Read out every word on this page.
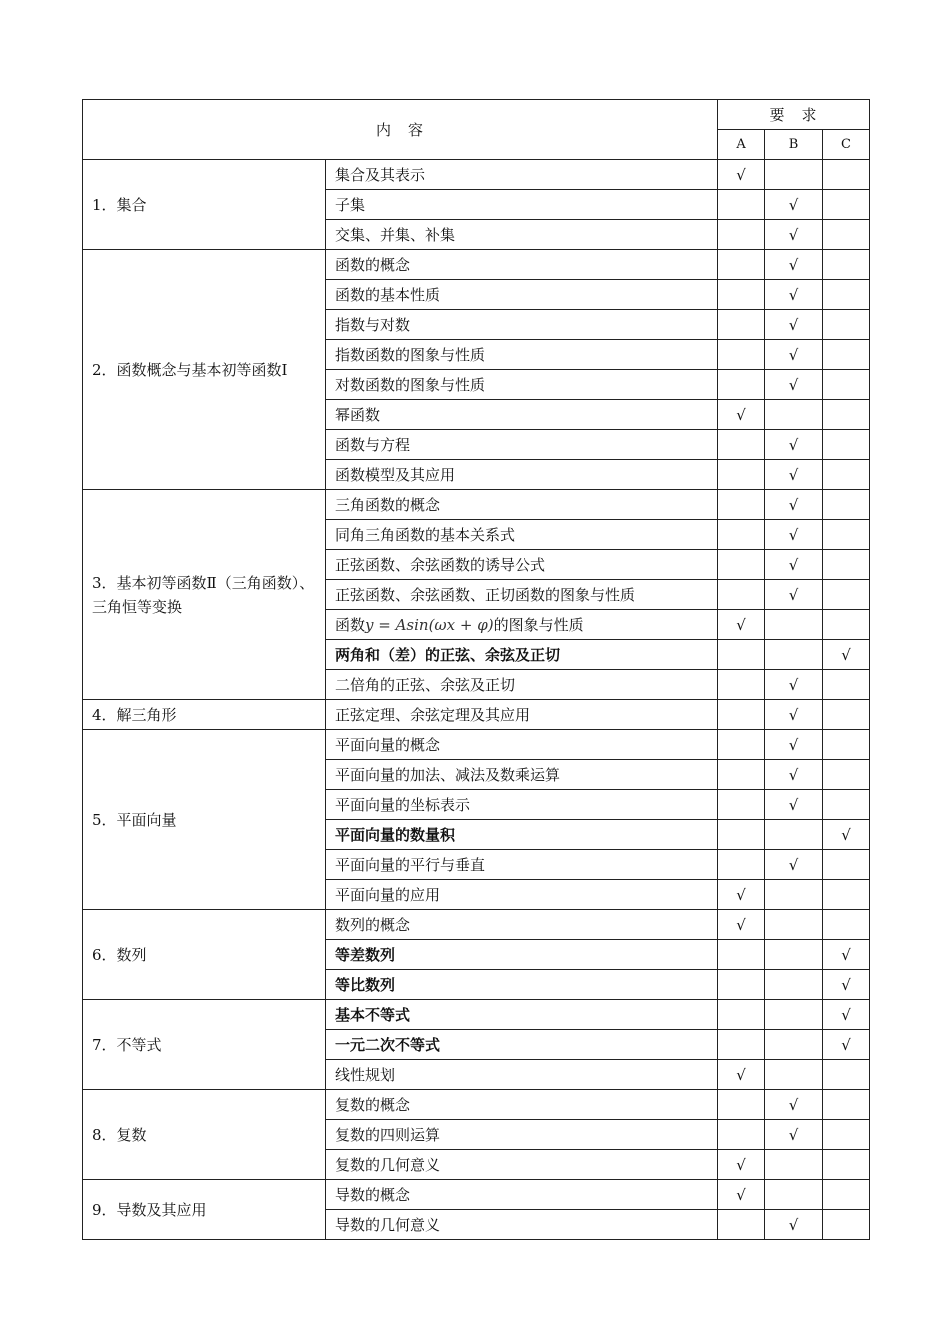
内　容		要　求		
		A	B	C
1．集合	集合及其表示	√		
	子集		√	
	交集、并集、补集		√	
2．函数概念与基本初等函数Ⅰ	函数的概念		√	
	函数的基本性质		√	
	指数与对数		√	
	指数函数的图象与性质		√	
	对数函数的图象与性质		√	
	幂函数	√		
	函数与方程		√	
	函数模型及其应用		√	
3．基本初等函数Ⅱ（三角函数）、三角恒等变换	三角函数的概念		√	
	同角三角函数的基本关系式		√	
	正弦函数、余弦函数的诱导公式		√	
	正弦函数、余弦函数、正切函数的图象与性质		√	
	函数y = Asin(ωx + φ)的图象与性质	√		
	两角和（差）的正弦、余弦及正切			√
	二倍角的正弦、余弦及正切		√	
4．解三角形	正弦定理、余弦定理及其应用		√	
5．平面向量	平面向量的概念		√	
	平面向量的加法、减法及数乘运算		√	
	平面向量的坐标表示		√	
	平面向量的数量积			√
	平面向量的平行与垂直		√	
	平面向量的应用	√		
6．数列	数列的概念	√		
	等差数列			√
	等比数列			√
7．不等式	基本不等式			√
	一元二次不等式			√
	线性规划	√		
8．复数	复数的概念		√	
	复数的四则运算		√	
	复数的几何意义	√		
9．导数及其应用	导数的概念	√		
	导数的几何意义		√	
